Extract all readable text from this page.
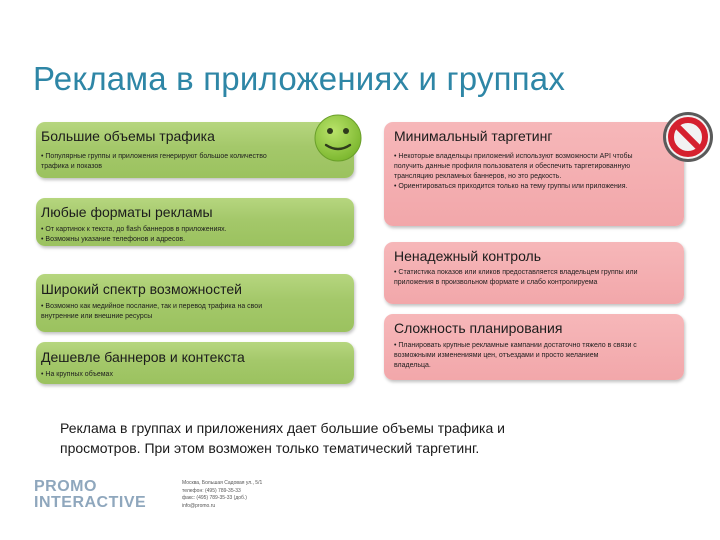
Реклама в приложениях и группах
Большие объемы трафика
• Популярные группы и приложения генерируют большое количество
трафика и показов
Любые форматы рекламы
• От картинок к текста, до flash баннеров в приложениях.
• Возможны указание телефонов и адресов.
Широкий спектр возможностей
• Возможно как медийное послание, так и перевод трафика на свои
внутренние или внешние ресурсы
Дешевле баннеров и контекста
• На крупных объемах
Минимальный таргетинг
• Некоторые владельцы приложений используют возможности API чтобы
получить данные профиля пользователя и обеспечить таргетированную
трансляцию рекламных баннеров, но это редкость.
• Ориентироваться приходится только на тему группы или приложения.
Ненадежный контроль
• Статистика показов или кликов предоставляется владельцем группы или
приложения в произвольном формате и слабо контролируема
Сложность планирования
• Планировать крупные рекламные кампании достаточно тяжело в связи с
возможными изменениями цен, отъездами и просто желанием
владельца.
Реклама в группах и приложениях дает большие объемы трафика и
просмотров. При этом возможен только тематический таргетинг.
PROMO
INTERACTIVE
Москва, Большая Садовая ул., 5/1
телефон: (495) 789-35-33
факс: (495) 789-35-33 (доб.)
info@promo.ru
